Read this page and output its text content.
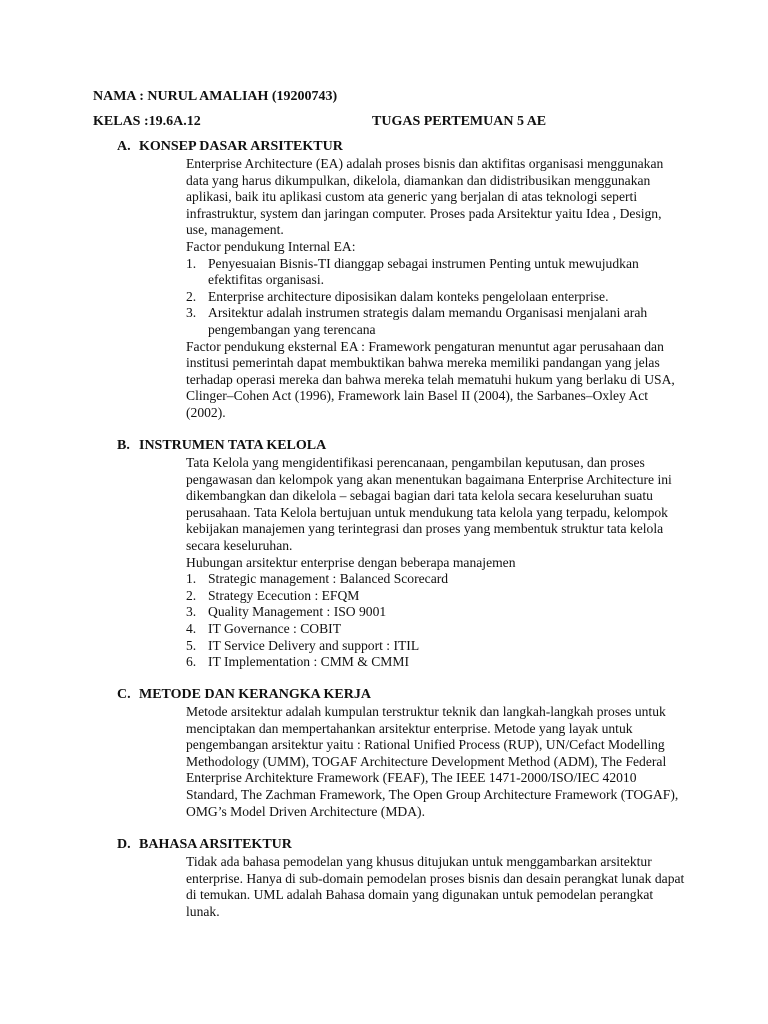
NAMA : NURUL AMALIAH (19200743)
KELAS :19.6A.12	TUGAS PERTEMUAN 5 AE
A. KONSEP DASAR ARSITEKTUR

Enterprise Architecture (EA) adalah proses bisnis dan aktifitas organisasi menggunakan data yang harus dikumpulkan, dikelola, diamankan dan didistribusikan menggunakan aplikasi, baik itu aplikasi custom ata generic yang berjalan di atas teknologi seperti infrastruktur, system dan jaringan computer. Proses pada Arsitektur yaitu Idea , Design, use, management.

Factor pendukung Internal EA:

1. Penyesuaian Bisnis-TI dianggap sebagai instrumen Penting untuk mewujudkan efektifitas organisasi.
2. Enterprise architecture diposisikan dalam konteks pengelolaan enterprise.
3. Arsitektur adalah instrumen strategis dalam memandu Organisasi menjalani arah pengembangan yang terencana

Factor pendukung eksternal EA : Framework pengaturan menuntut agar perusahaan dan institusi pemerintah dapat membuktikan bahwa mereka memiliki pandangan yang jelas terhadap operasi mereka dan bahwa mereka telah mematuhi hukum yang berlaku di USA, Clinger–Cohen Act (1996), Framework lain Basel II (2004), the Sarbanes–Oxley Act (2002).

B. INSTRUMEN TATA KELOLA

Tata Kelola yang mengidentifikasi perencanaan, pengambilan keputusan, dan proses pengawasan dan kelompok yang akan menentukan bagaimana Enterprise Architecture ini dikembangkan dan dikelola – sebagai bagian dari tata kelola secara keseluruhan suatu perusahaan. Tata Kelola bertujuan untuk mendukung tata kelola yang terpadu, kelompok kebijakan manajemen yang terintegrasi dan proses yang membentuk struktur tata kelola secara keseluruhan.

Hubungan arsitektur enterprise dengan beberapa manajemen

1. Strategic management : Balanced Scorecard
2. Strategy Ececution : EFQM
3. Quality Management : ISO 9001
4. IT Governance : COBIT
5. IT Service Delivery and support : ITIL
6. IT Implementation : CMM & CMMI
C. METODE DAN KERANGKA KERJA

Metode arsitektur adalah kumpulan terstruktur teknik dan langkah-langkah proses untuk menciptakan dan mempertahankan arsitektur enterprise. Metode yang layak untuk pengembangan arsitektur yaitu : Rational Unified Process (RUP), UN/Cefact Modelling Methodology (UMM), TOGAF Architecture Development Method (ADM), The Federal Enterprise Architekture Framework (FEAF), The IEEE 1471-2000/ISO/IEC 42010 Standard, The Zachman Framework, The Open Group Architecture Framework (TOGAF), OMG’s Model Driven Architecture (MDA).

D. BAHASA ARSITEKTUR

Tidak ada bahasa pemodelan yang khusus ditujukan untuk menggambarkan arsitektur enterprise. Hanya di sub-domain pemodelan proses bisnis dan desain perangkat lunak dapat di temukan. UML adalah Bahasa domain yang digunakan untuk pemodelan perangkat lunak.
